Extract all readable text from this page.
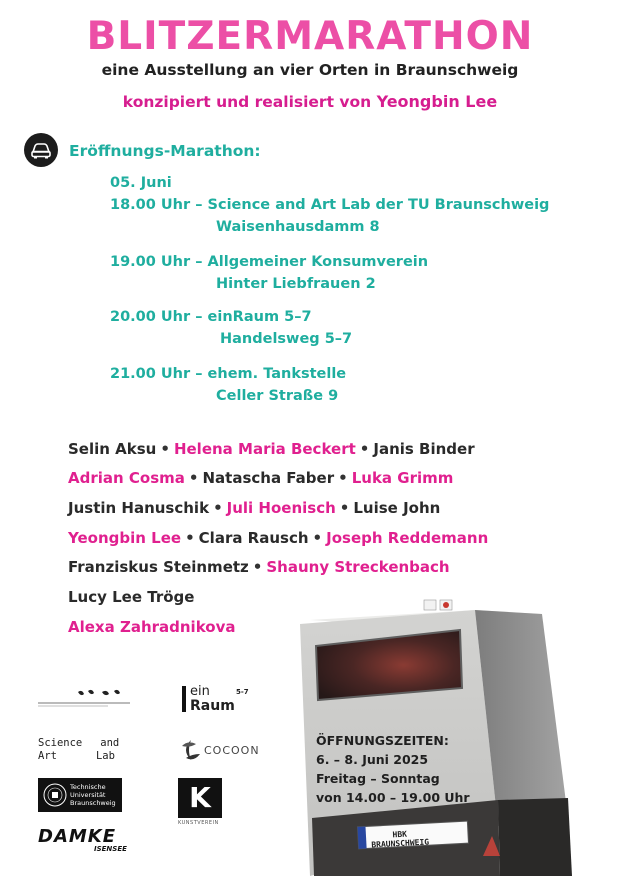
BLITZERMARATHON
eine Ausstellung an vier Orten in Braunschweig
konzipiert und realisiert von Yeongbin Lee
Eröffnungs-Marathon:
05. Juni
18.00 Uhr – Science and Art Lab der TU Braunschweig
Waisenhausdamm 8
19.00 Uhr – Allgemeiner Konsumverein
Hinter Liebfrauen 2
20.00 Uhr – einRaum 5–7
Handelsweg 5–7
21.00 Uhr – ehem. Tankstelle
Celler Straße 9
Selin Aksu • Helena Maria Beckert • Janis Binder
Adrian Cosma • Natascha Faber • Luka Grimm
Justin Hanuschik • Juli Hoenisch • Luise John
Yeongbin Lee • Clara Rausch • Joseph Reddemann
Franziskus Steinmetz • Shauny Streckenbach
Lucy Lee Tröge
Alexa Zahradnikova
ÖFFNUNGSZEITEN:
6. – 8. Juni 2025
Freitag – Sonntag
von 14.00 – 19.00 Uhr
HBK
BRAUNSCHWEIG
ein	5-7
Raum
Science and
Art	Lab	COCOON
Technische
Universität
Braunschweig	K
KUNSTVEREIN
DAMKE
ISENSEE
